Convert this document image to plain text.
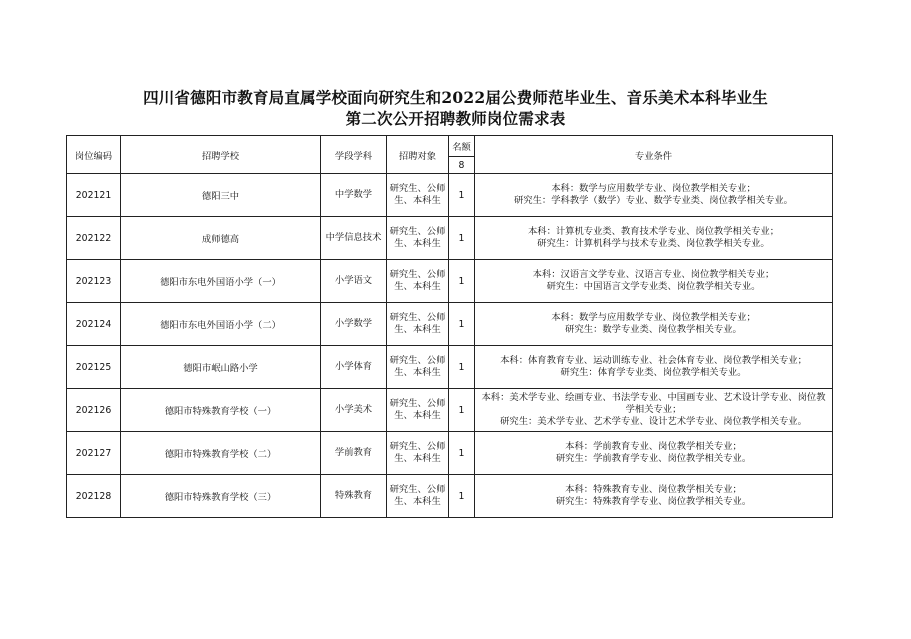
四川省德阳市教育局直属学校面向研究生和2022届公费师范毕业生、音乐美术本科毕业生
第二次公开招聘教师岗位需求表
岗位编码	招聘学校	学段学科	招聘对象	名额	专业条件
				8	
202121	德阳三中	中学数学	研究生、公师生、本科生	1	本科：数学与应用数学专业、岗位教学相关专业；
研究生：学科教学（数学）专业、数学专业类、岗位教学相关专业。

202122	成师德高	中学信息技术	研究生、公师生、本科生	1	本科：计算机专业类、教育技术学专业、岗位教学相关专业；
研究生：计算机科学与技术专业类、岗位教学相关专业。

202123	德阳市东电外国语小学（一）	小学语文	研究生、公师生、本科生	1	本科：汉语言文学专业、汉语言专业、岗位教学相关专业；
研究生：中国语言文学专业类、岗位教学相关专业。

202124	德阳市东电外国语小学（二）	小学数学	研究生、公师生、本科生	1	本科：数学与应用数学专业、岗位教学相关专业；
研究生：数学专业类、岗位教学相关专业。

202125	德阳市岷山路小学	小学体育	研究生、公师生、本科生	1	本科：体育教育专业、运动训练专业、社会体育专业、岗位教学相关专业；
研究生：体育学专业类、岗位教学相关专业。

202126	德阳市特殊教育学校（一）	小学美术	研究生、公师生、本科生	1	本科：美术学专业、绘画专业、书法学专业、中国画专业、艺术设计学专业、岗位教学相关专业；
研究生：美术学专业、艺术学专业、设计艺术学专业、岗位教学相关专业。

202127	德阳市特殊教育学校（二）	学前教育	研究生、公师生、本科生	1	本科：学前教育专业、岗位教学相关专业；
研究生：学前教育学专业、岗位教学相关专业。

202128	德阳市特殊教育学校（三）	特殊教育	研究生、公师生、本科生	1	本科：特殊教育专业、岗位教学相关专业；
研究生：特殊教育学专业、岗位教学相关专业。
